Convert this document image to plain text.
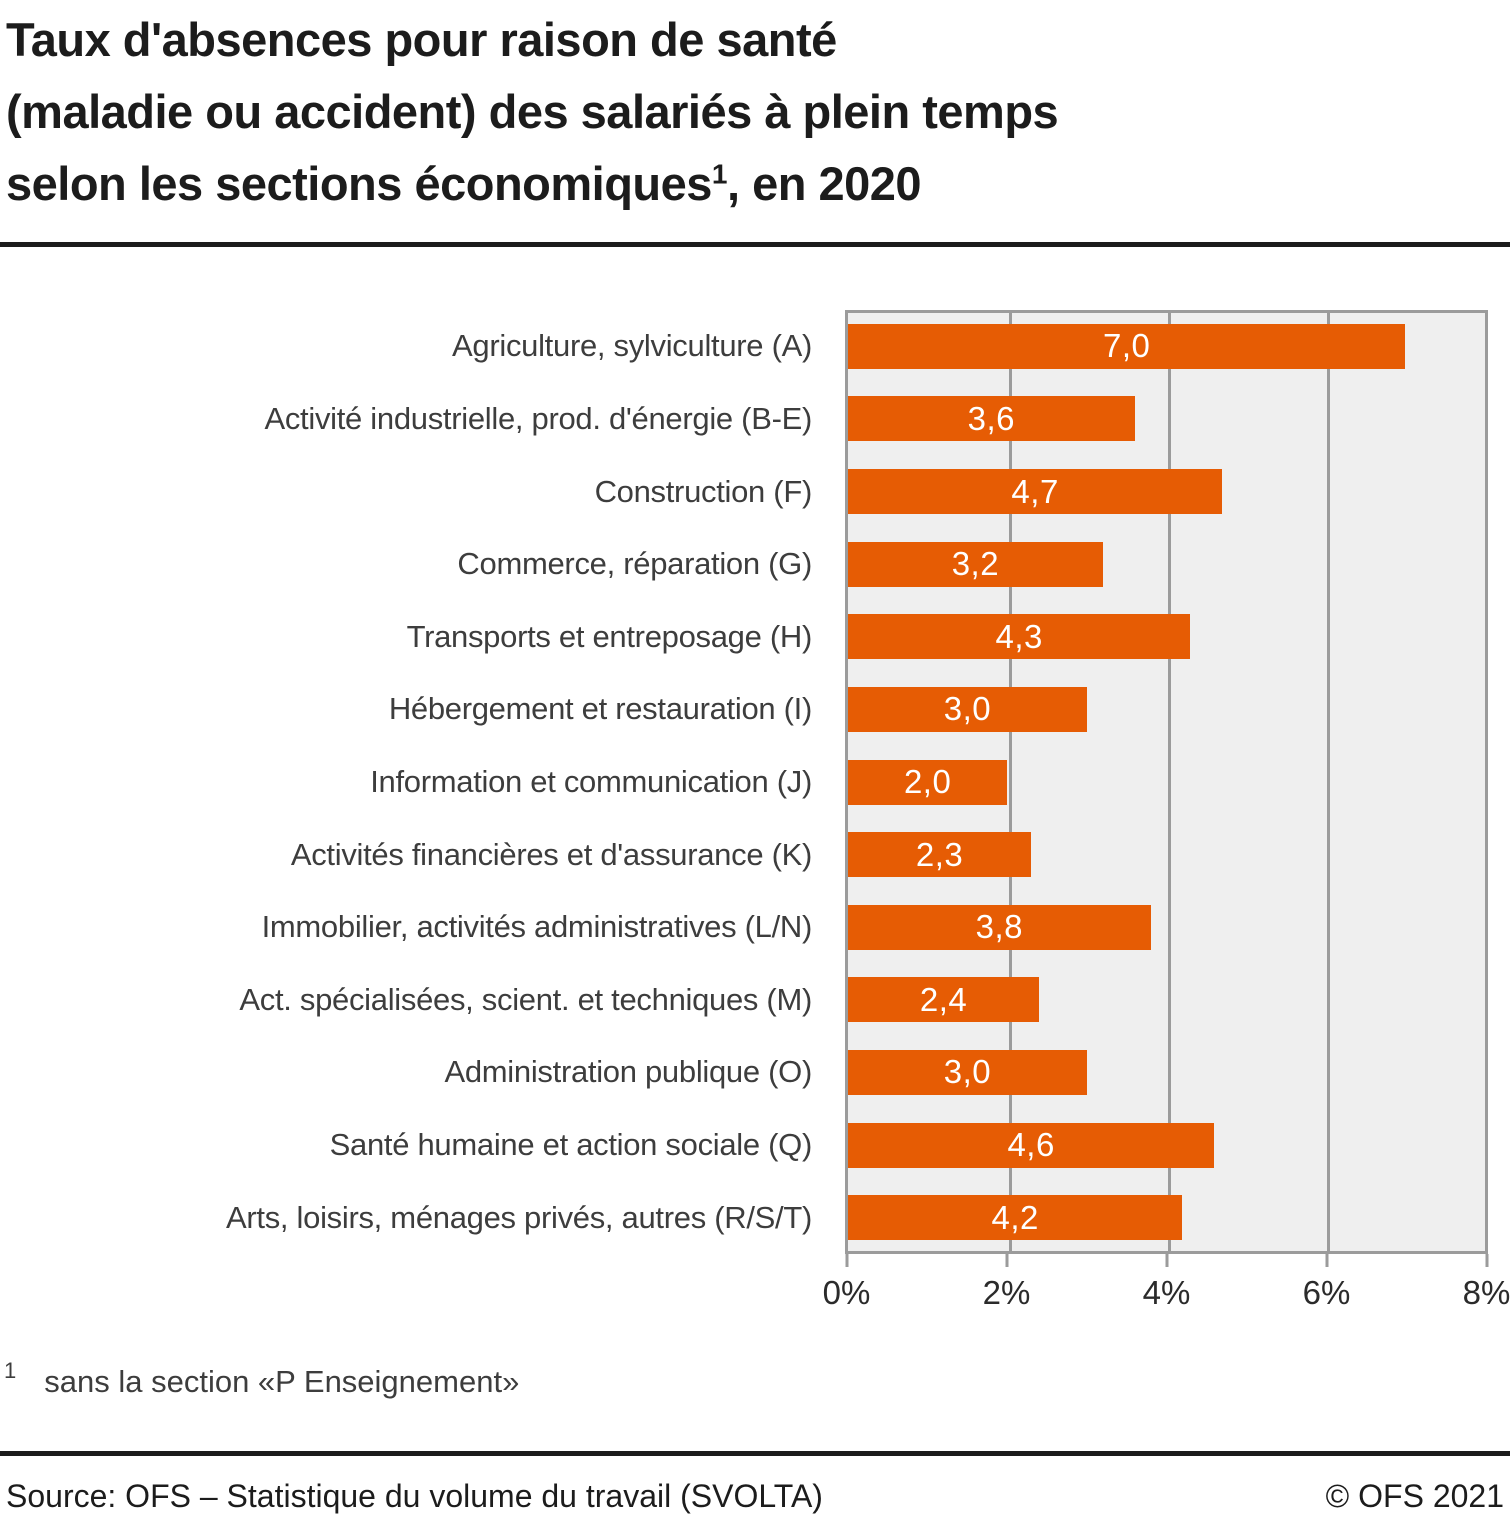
Taux d'absences pour raison de santé
(maladie ou accident) des salariés à plein temps
selon les sections économiques$^1$, en 2020
Agriculture, sylviculture (A)	7,0
Activité industrielle, prod. d'énergie (B-E)	3,6
Construction (F)	4,7
Commerce, réparation (G)	3,2
Transports et entreposage (H)	4,3
Hébergement et restauration (I)	3,0
Information et communication (J)	2,0
Activités financières et d'assurance (K)	2,3
Immobilier, activités administratives (L/N)	3,8
Act. spécialisées, scient. et techniques (M)	2,4
Administration publique (O)	3,0
Santé humaine et action sociale (Q)	4,6
Arts, loisirs, ménages privés, autres (R/S/T)	4,2
0%	2%	4%	6%	8%
$^1$ sans la section «P Enseignement»
Source: OFS – Statistique du volume du travail (SVOLTA)	© OFS 2021
